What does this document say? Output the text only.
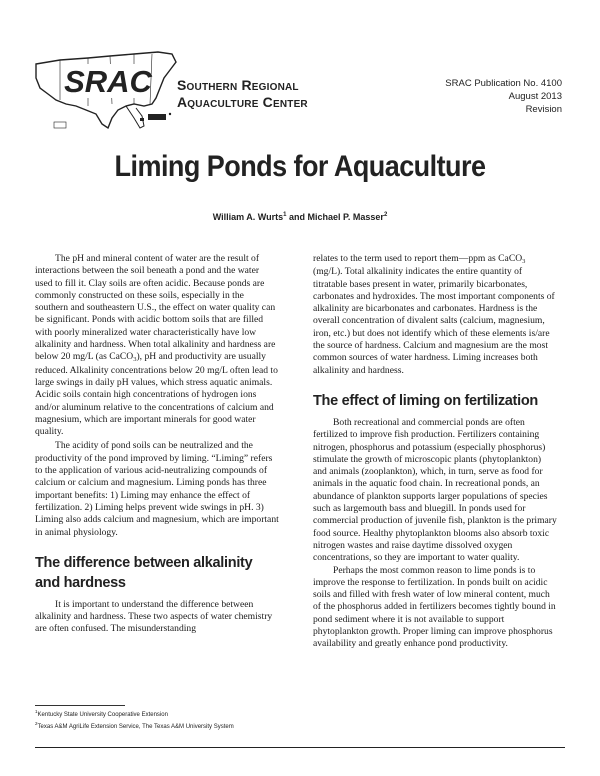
SRAC Southern Regional
Aquaculture Center
SRAC Publication No. 4100
August 2013
Revision
Liming Ponds for Aquaculture
William A. Wurts$^1$ and Michael P. Masser$^2$

The pH and mineral content of water are the result of interactions between the soil beneath a pond and the water used to fill it. Clay soils are often acidic. Because ponds are commonly constructed on these soils, especially in the southern and southeastern U.S., the effect on water quality can be significant. Ponds with acidic bottom soils that are filled with poorly mineralized water characteristically have low alkalinity and hardness. When total alkalinity and hardness are below 20 mg/L (as CaCO$_3$), pH and productivity are usually reduced. Alkalinity concentrations below 20 mg/L often lead to large swings in daily pH values, which stress aquatic animals. Acidic soils contain high concentrations of hydrogen ions and/or aluminum relative to the concentrations of calcium and magnesium, which are important minerals for good water quality.

The acidity of pond soils can be neutralized and the productivity of the pond improved by liming. “Liming” refers to the application of various acid-neutralizing compounds of calcium or calcium and magnesium. Liming ponds has three important benefits: 1) Liming may enhance the effect of fertilization. 2) Liming helps prevent wide swings in pH. 3) Liming also adds calcium and magnesium, which are important in animal physiology.

The difference between alkalinity and hardness

It is important to understand the difference between alkalinity and hardness. These two aspects of water chemistry are often confused. The misunderstanding

relates to the term used to report them—ppm as CaCO$_3$ (mg/L). Total alkalinity indicates the entire quantity of titratable bases present in water, primarily bicarbonates, carbonates and hydroxides. The most important components of alkalinity are bicarbonates and carbonates. Hardness is the overall concentration of divalent salts (calcium, magnesium, iron, etc.) but does not identify which of these elements is/are the source of hardness. Calcium and magnesium are the most common sources of water hardness. Liming increases both alkalinity and hardness.

The effect of liming on fertilization

Both recreational and commercial ponds are often fertilized to improve fish production. Fertilizers containing nitrogen, phosphorus and potassium (especially phosphorus) stimulate the growth of microscopic plants (phytoplankton) and animals (zooplankton), which, in turn, serve as food for animals in the aquatic food chain. In recreational ponds, an abundance of plankton supports larger populations of species such as largemouth bass and bluegill. In ponds used for commercial production of juvenile fish, plankton is the primary food source. Healthy phytoplankton blooms also absorb toxic nitrogen wastes and raise daytime dissolved oxygen concentrations, so they are important to water quality.

Perhaps the most common reason to lime ponds is to improve the response to fertilization. In ponds built on acidic soils and filled with fresh water of low mineral content, much of the phosphorus added in fertilizers becomes tightly bound in pond sediment where it is not available to support phytoplankton growth. Proper liming can improve phosphorus availability and greatly enhance pond productivity.

$^1$Kentucky State University Cooperative Extension
$^2$Texas A&M AgriLife Extension Service, The Texas A&M University System
